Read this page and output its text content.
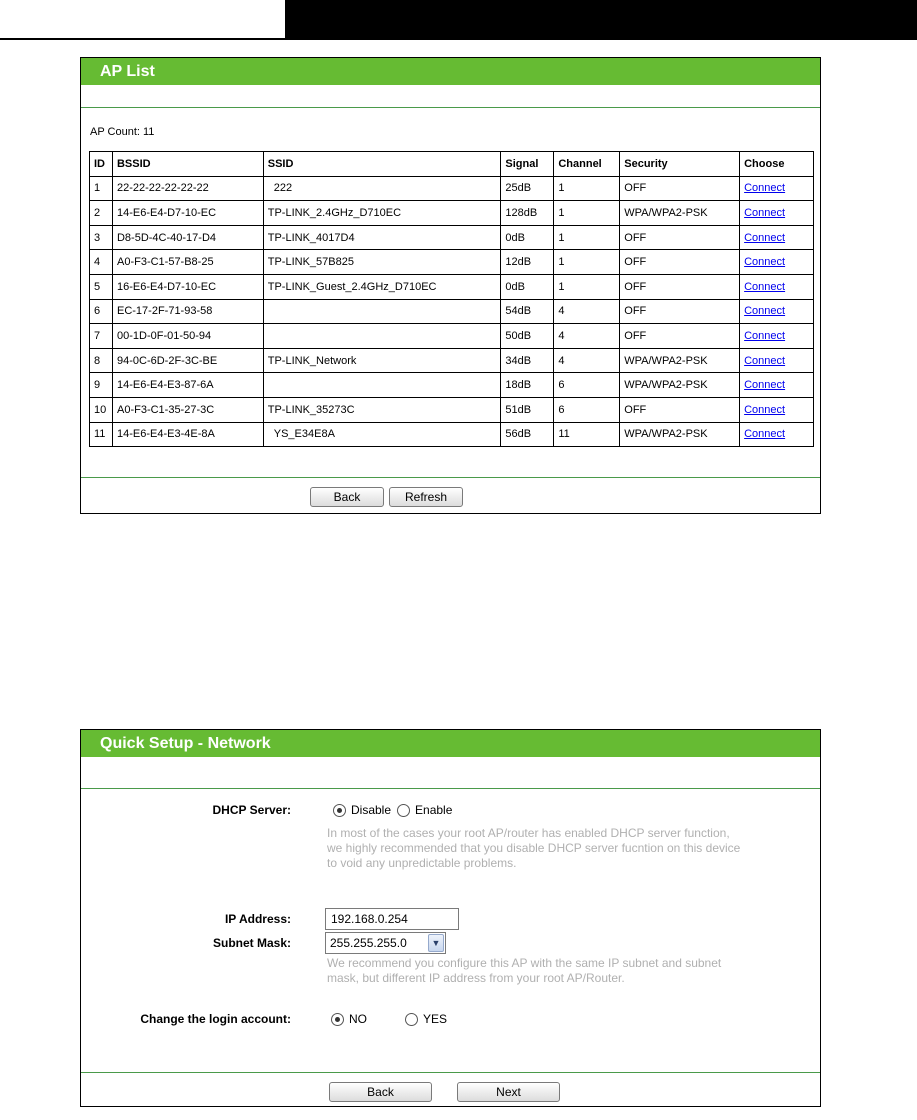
AP List
AP Count: 11
ID	BSSID	SSID	Signal	Channel	Security	Choose
1	22-22-22-22-22-22	222	25dB	1	OFF	Connect
2	14-E6-E4-D7-10-EC	TP-LINK_2.4GHz_D710EC	128dB	1	WPA/WPA2-PSK	Connect
3	D8-5D-4C-40-17-D4	TP-LINK_4017D4	0dB	1	OFF	Connect
4	A0-F3-C1-57-B8-25	TP-LINK_57B825	12dB	1	OFF	Connect
5	16-E6-E4-D7-10-EC	TP-LINK_Guest_2.4GHz_D710EC	0dB	1	OFF	Connect
6	EC-17-2F-71-93-58		54dB	4	OFF	Connect
7	00-1D-0F-01-50-94		50dB	4	OFF	Connect
8	94-0C-6D-2F-3C-BE	TP-LINK_Network	34dB	4	WPA/WPA2-PSK	Connect
9	14-E6-E4-E3-87-6A		18dB	6	WPA/WPA2-PSK	Connect
10	A0-F3-C1-35-27-3C	TP-LINK_35273C	51dB	6	OFF	Connect
11	14-E6-E4-E3-4E-8A	YS_E34E8A	56dB	11	WPA/WPA2-PSK	Connect
Back	Refresh
Quick Setup - Network
DHCP Server:	Disable Enable
In most of the cases your root AP/router has enabled DHCP server function,
we highly recommended that you disable DHCP server fucntion on this device
to void any unpredictable problems.
IP Address:	192.168.0.254
Subnet Mask:	255.255.255.0	▼
We recommend you configure this AP with the same IP subnet and subnet
mask, but different IP address from your root AP/Router.
Change the login account:	NO	YES
Back	Next
